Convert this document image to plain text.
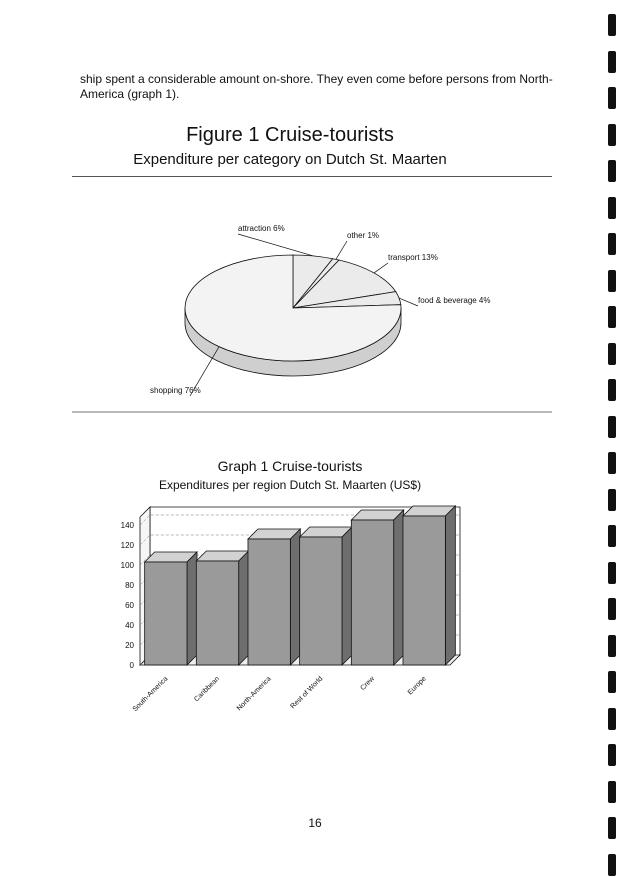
ship spent a considerable amount on-shore. They even come before persons from North-America (graph 1).
Figure 1 Cruise-tourists
Expenditure per category on Dutch St. Maarten
attraction 6%
other 1%
transport 13%
food & beverage 4%
shopping 76%
Graph 1 Cruise-tourists
Expenditures per region Dutch St. Maarten (US$)
0
20
40
60
80
100
120
140
South-America	Caribbean North-America Rest of World	Crew	Europe
16
